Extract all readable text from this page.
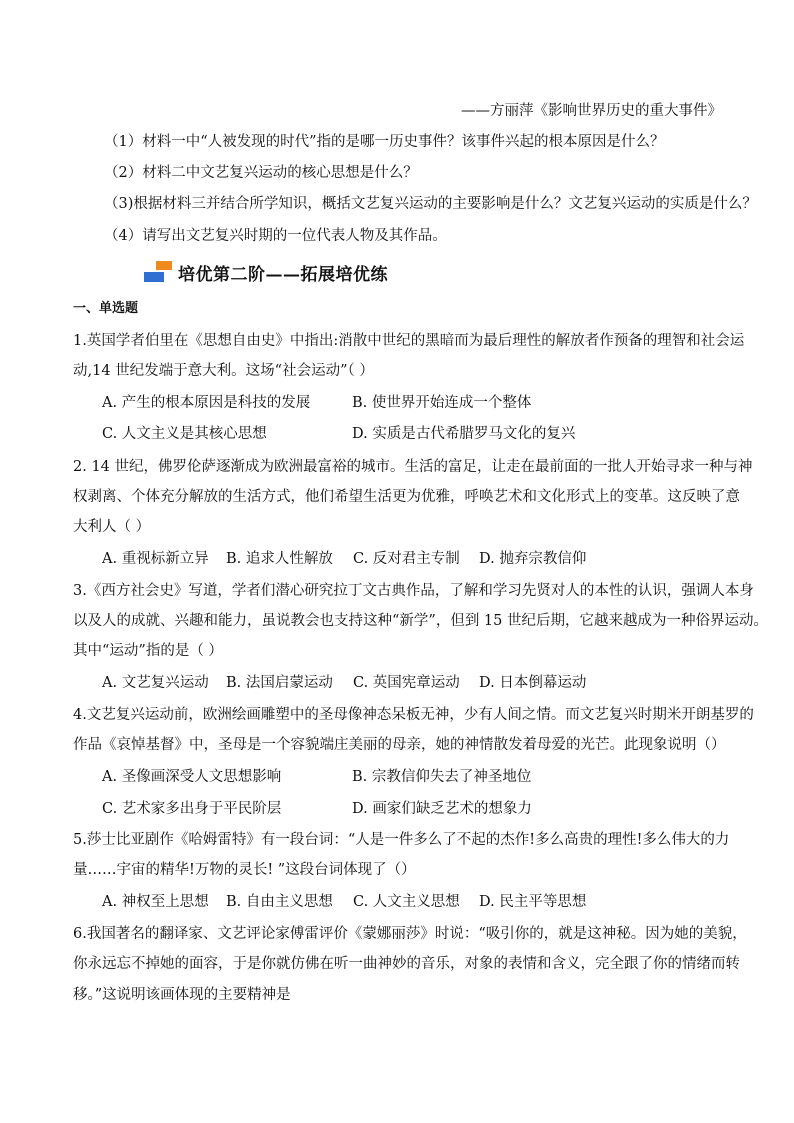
——方丽萍《影响世界历史的重大事件》
（1）材料一中“人被发现的时代”指的是哪一历史事件？该事件兴起的根本原因是什么？
（2）材料二中文艺复兴运动的核心思想是什么？
（3)根据材料三并结合所学知识，概括文艺复兴运动的主要影响是什么？文艺复兴运动的实质是什么？
（4）请写出文艺复兴时期的一位代表人物及其作品。
培优第二阶——拓展培优练
一、单选题
1.英国学者伯里在《思想自由史》中指出:消散中世纪的黑暗而为最后理性的解放者作预备的理智和社会运
动,14 世纪发端于意大利。这场“社会运动”（ ）
A. 产生的根本原因是科技的发展	B. 使世界开始连成一个整体
C. 人文主义是其核心思想	D. 实质是古代希腊罗马文化的复兴
2. 14 世纪，佛罗伦萨逐渐成为欧洲最富裕的城市。生活的富足，让走在最前面的一批人开始寻求一种与神
权剥离、个体充分解放的生活方式，他们希望生活更为优雅，呼唤艺术和文化形式上的变革。这反映了意
大利人（ ）
A. 重视标新立异 B. 追求人性解放 C. 反对君主专制 D. 抛弃宗教信仰
3.《西方社会史》写道，学者们潜心研究拉丁文古典作品，了解和学习先贤对人的本性的认识，强调人本身
以及人的成就、兴趣和能力，虽说教会也支持这种“新学”，但到 15 世纪后期，它越来越成为一种俗界运动。
其中“运动”指的是（ ）
A. 文艺复兴运动 B. 法国启蒙运动 C. 英国宪章运动 D. 日本倒幕运动
4.文艺复兴运动前，欧洲绘画雕塑中的圣母像神态呆板无神，少有人间之情。而文艺复兴时期米开朗基罗的
作品《哀悼基督》中，圣母是一个容貌端庄美丽的母亲，她的神情散发着母爱的光芒。此现象说明（）
A. 圣像画深受人文思想影响	B. 宗教信仰失去了神圣地位
C. 艺术家多出身于平民阶层	D. 画家们缺乏艺术的想象力
5.莎士比亚剧作《哈姆雷特》有一段台词：“人是一件多么了不起的杰作!多么高贵的理性!多么伟大的力
量……宇宙的精华!万物的灵长! ”这段台词体现了（）
A. 神权至上思想 B. 自由主义思想 C. 人文主义思想 D. 民主平等思想
6.我国著名的翻译家、文艺评论家傅雷评价《蒙娜丽莎》时说：“吸引你的，就是这神秘。因为她的美貌，
你永远忘不掉她的面容，于是你就仿佛在听一曲神妙的音乐，对象的表情和含义，完全跟了你的情绪而转
移。”这说明该画体现的主要精神是
